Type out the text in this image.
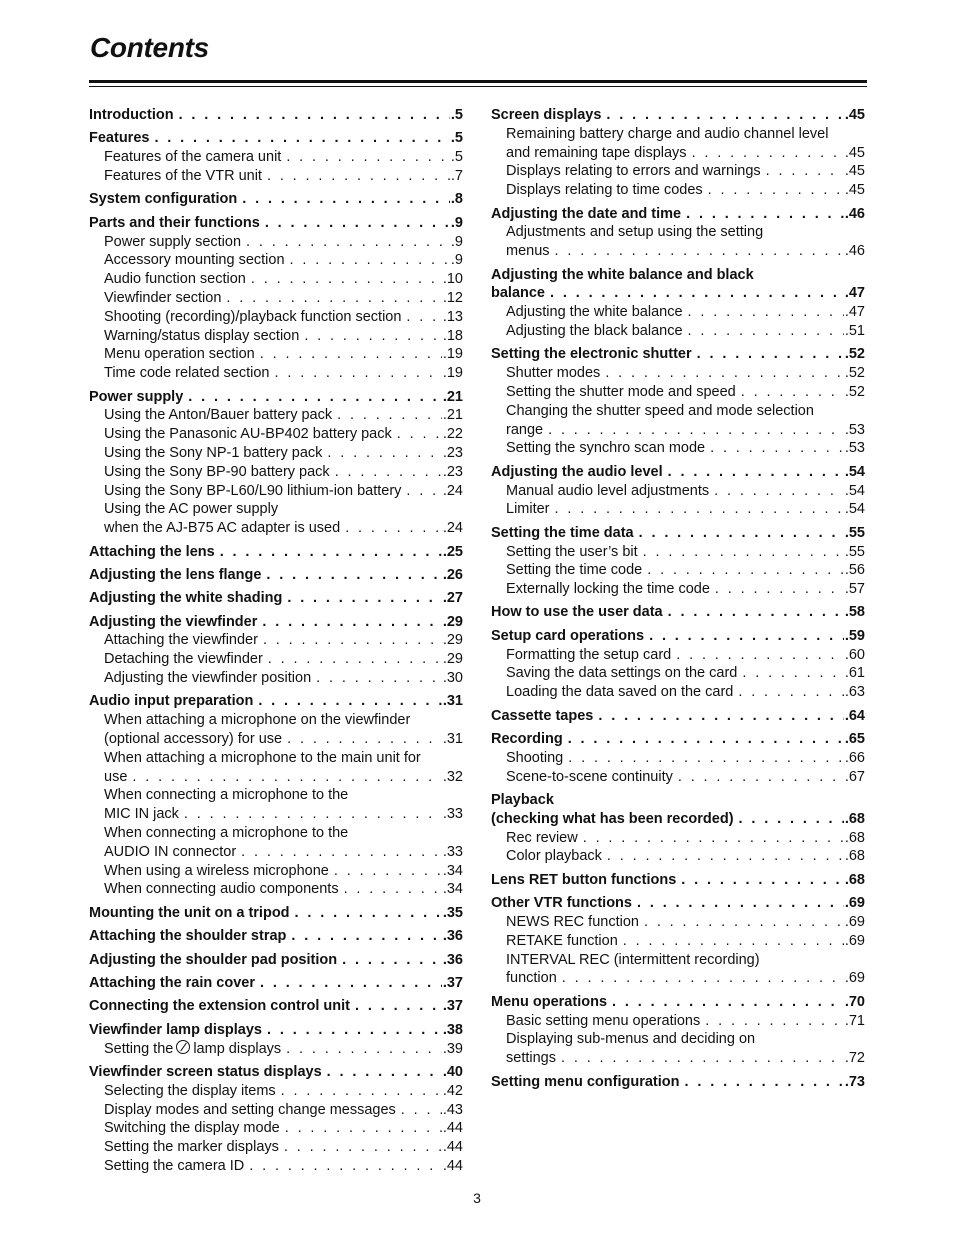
Contents
Introduction . . .	.5
Features . . .	.5
Features of the camera unit . . .	.5
Features of the VTR unit . . .	.7
System configuration . . .	.8
Parts and their functions . . .	.9
Power supply section . . .	.9
Accessory mounting section . . .	.9
Audio function section . . .	.10
Viewfinder section . . .	.12
Shooting (recording)/playback function section . . .	.13
Warning/status display section . . .	.18
Menu operation section . . .	.19
Time code related section . . .	.19
Power supply . . .	.21
Using the Anton/Bauer battery pack . . .	.21
Using the Panasonic AU-BP402 battery pack . . .	.22
Using the Sony NP-1 battery pack . . .	.23
Using the Sony BP-90 battery pack . . .	.23
Using the Sony BP-L60/L90 lithium-ion battery . . .	.24
Using the AC power supply
when the AJ-B75 AC adapter is used . . .	.24
Attaching the lens . . .	.25
Adjusting the lens flange . . .	.26
Adjusting the white shading . . .	.27
Adjusting the viewfinder . . .	.29
Attaching the viewfinder . . .	.29
Detaching the viewfinder . . .	.29
Adjusting the viewfinder position . . .	.30
Audio input preparation . . .	.31
When attaching a microphone on the viewfinder
(optional accessory) for use . . .	.31
When attaching a microphone to the main unit for
use . . .	.32
When connecting a microphone to the
MIC IN jack . . .	.33
When connecting a microphone to the
AUDIO IN connector . . .	.33
When using a wireless microphone . . .	.34
When connecting audio components . . .	.34
Mounting the unit on a tripod . . .	.35
Attaching the shoulder strap . . .	.36
Adjusting the shoulder pad position . . .	.36
Attaching the rain cover . . .	.37
Connecting the extension control unit . . .	.37
Viewfinder lamp displays . . .	.38
Setting the lamp displays . . .	.39
Viewfinder screen status displays . . .	.40
Selecting the display items . . .	.42
Display modes and setting change messages . . .	.43
Switching the display mode . . .	.44
Setting the marker displays . . .	.44
Setting the camera ID . . .	.44
Screen displays . . .	.45
Remaining battery charge and audio channel level
and remaining tape displays . . .	.45
Displays relating to errors and warnings . . .	.45
Displays relating to time codes . . .	.45
Adjusting the date and time . . .	.46
Adjustments and setup using the setting
menus . . .	.46
Adjusting the white balance and black
balance . . .	.47
Adjusting the white balance . . .	.47
Adjusting the black balance . . .	.51
Setting the electronic shutter . . .	.52
Shutter modes . . .	.52
Setting the shutter mode and speed . . .	.52
Changing the shutter speed and mode selection
range . . .	.53
Setting the synchro scan mode . . .	.53
Adjusting the audio level . . .	.54
Manual audio level adjustments . . .	.54
Limiter . . .	.54
Setting the time data . . .	.55
Setting the user’s bit . . .	.55
Setting the time code . . .	.56
Externally locking the time code . . .	.57
How to use the user data . . .	.58
Setup card operations . . .	.59
Formatting the setup card . . .	.60
Saving the data settings on the card . . .	.61
Loading the data saved on the card . . .	.63
Cassette tapes . . .	.64
Recording . . .	.65
Shooting . . .	.66
Scene-to-scene continuity . . .	.67
Playback
(checking what has been recorded) . . .	.68
Rec review . . .	.68
Color playback . . .	.68
Lens RET button functions . . .	.68
Other VTR functions . . .	.69
NEWS REC function . . .	.69
RETAKE function . . .	.69
INTERVAL REC (intermittent recording)
function . . .	.69
Menu operations . . .	.70
Basic setting menu operations . . .	.71
Displaying sub-menus and deciding on
settings . . .	.72
Setting menu configuration . . .	.73
3
